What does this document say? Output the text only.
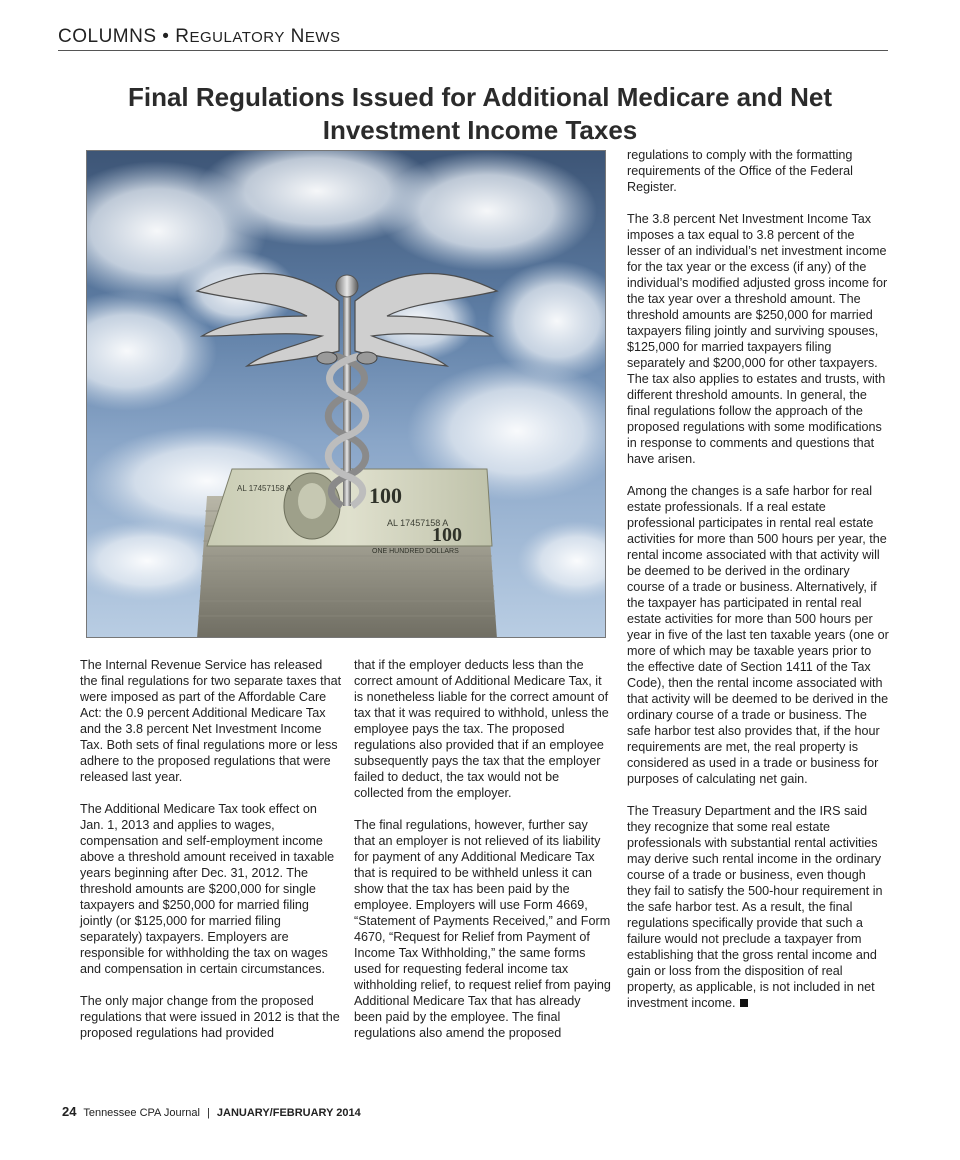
COLUMNS • REGULATORY NEWS
Final Regulations Issued for Additional Medicare and Net Investment Income Taxes
AL 17457158 A
AL 17457158 A
100
100
ONE HUNDRED DOLLARS

The Internal Revenue Service has released the final regulations for two separate taxes that were imposed as part of the Affordable Care Act: the 0.9 percent Additional Medicare Tax and the 3.8 percent Net Investment Income Tax. Both sets of final regulations more or less adhere to the proposed regulations that were released last year.

The Additional Medicare Tax took effect on Jan. 1, 2013 and applies to wages, compensation and self-employment income above a threshold amount received in taxable years beginning after Dec. 31, 2012. The threshold amounts are $200,000 for single taxpayers and $250,000 for married filing jointly (or $125,000 for married filing separately) taxpayers. Employers are responsible for withholding the tax on wages and compensation in certain circumstances.

The only major change from the proposed regulations that were issued in 2012 is that the proposed regulations had provided

that if the employer deducts less than the correct amount of Additional Medicare Tax, it is nonetheless liable for the correct amount of tax that it was required to withhold, unless the employee pays the tax. The proposed regulations also provided that if an employee subsequently pays the tax that the employer failed to deduct, the tax would not be collected from the employer.

The final regulations, however, further say that an employer is not relieved of its liability for payment of any Additional Medicare Tax that is required to be withheld unless it can show that the tax has been paid by the employee. Employers will use Form 4669, “Statement of Payments Received,” and Form 4670, “Request for Relief from Payment of Income Tax Withholding,” the same forms used for requesting federal income tax withholding relief, to request relief from paying Additional Medicare Tax that has already been paid by the employee. The final regulations also amend the proposed

regulations to comply with the formatting requirements of the Office of the Federal Register.

The 3.8 percent Net Investment Income Tax imposes a tax equal to 3.8 percent of the lesser of an individual’s net investment income for the tax year or the excess (if any) of the individual’s modified adjusted gross income for the tax year over a threshold amount. The threshold amounts are $250,000 for married taxpayers filing jointly and surviving spouses, $125,000 for married taxpayers filing separately and $200,000 for other taxpayers. The tax also applies to estates and trusts, with different threshold amounts. In general, the final regulations follow the approach of the proposed regulations with some modifications in response to comments and questions that have arisen.

Among the changes is a safe harbor for real estate professionals. If a real estate professional participates in rental real estate activities for more than 500 hours per year, the rental income associated with that activity will be deemed to be derived in the ordinary course of a trade or business. Alternatively, if the taxpayer has participated in rental real estate activities for more than 500 hours per year in five of the last ten taxable years (one or more of which may be taxable years prior to the effective date of Section 1411 of the Tax Code), then the rental income associated with that activity will be deemed to be derived in the ordinary course of a trade or business. The safe harbor test also provides that, if the hour requirements are met, the real property is considered as used in a trade or business for purposes of calculating net gain.

The Treasury Department and the IRS said they recognize that some real estate professionals with substantial rental activities may derive such rental income in the ordinary course of a trade or business, even though they fail to satisfy the 500-hour requirement in the safe harbor test. As a result, the final regulations specifically provide that such a failure would not preclude a taxpayer from establishing that the gross rental income and gain or loss from the disposition of real property, as applicable, is not included in net investment income.

24 Tennessee CPA Journal | JANUARY/FEBRUARY 2014
